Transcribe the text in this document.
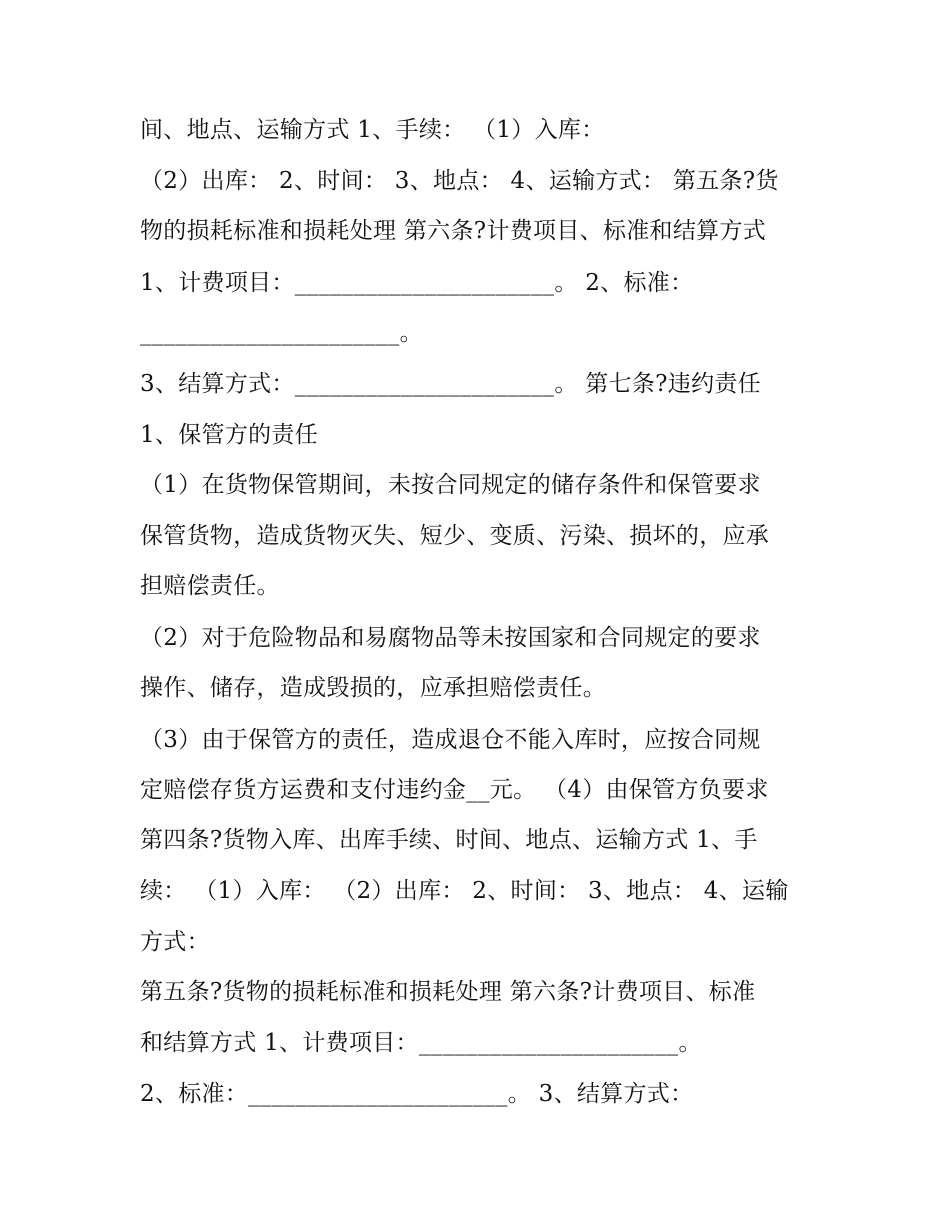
间、地点、运输方式 1、手续： （1）入库：
（2）出库： 2、时间： 3、地点： 4、运输方式： 第五条?货
物的损耗标准和损耗处理 第六条?计费项目、标准和结算方式
1、计费项目：______________________。 2、标准：
______________________。
3、结算方式：______________________。 第七条?违约责任
1、保管方的责任
（1）在货物保管期间，未按合同规定的储存条件和保管要求
保管货物，造成货物灭失、短少、变质、污染、损坏的，应承
担赔偿责任。
（2）对于危险物品和易腐物品等未按国家和合同规定的要求
操作、储存，造成毁损的，应承担赔偿责任。
（3）由于保管方的责任，造成退仓不能入库时，应按合同规
定赔偿存货方运费和支付违约金__元。 （4）由保管方负要求
第四条?货物入库、出库手续、时间、地点、运输方式 1、手
续： （1）入库： （2）出库： 2、时间： 3、地点： 4、运输
方式：
第五条?货物的损耗标准和损耗处理 第六条?计费项目、标准
和结算方式 1、计费项目：______________________。
2、标准：______________________。 3、结算方式：
